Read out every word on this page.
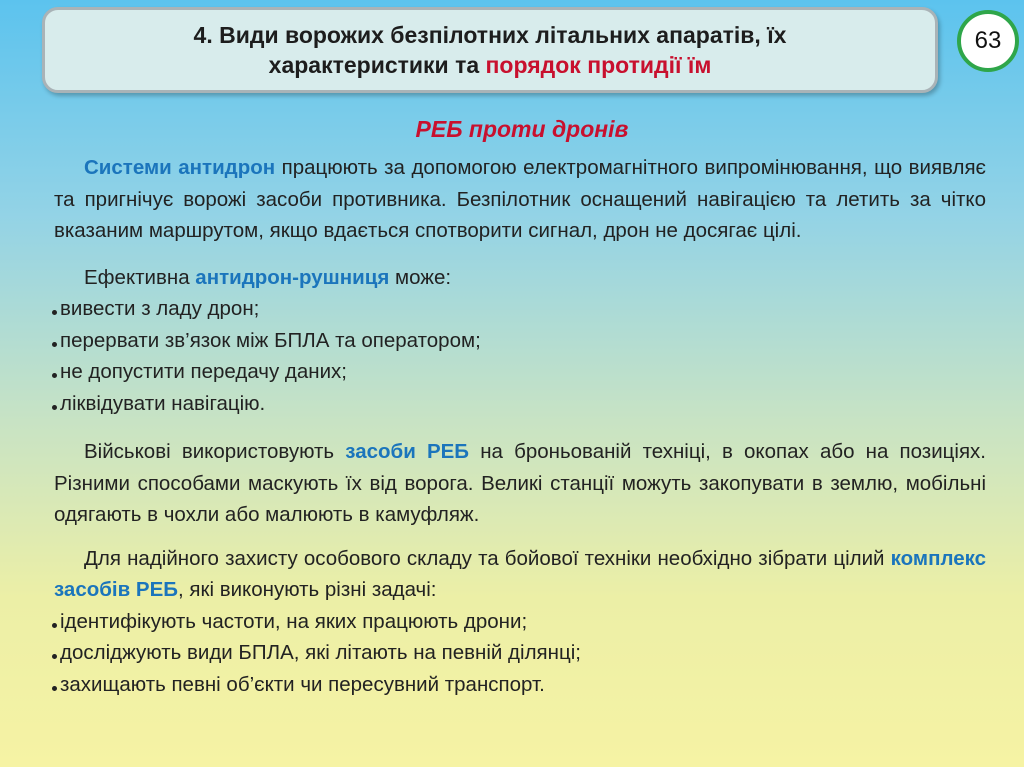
4. Види ворожих безпілотних літальних апаратів, їх
характеристики та порядок протидії їм
63
РЕБ проти дронів

Системи антидрон працюють за допомогою електромагнітного випромінювання, що виявляє та пригнічує ворожі засоби противника. Безпілотник оснащений навігацією та летить за чітко вказаним маршрутом, якщо вдається спотворити сигнал, дрон не досягає цілі.

Ефективна антидрон-рушниця може:

вивести з ладу дрон;
перервати зв’язок між БПЛА та оператором;
не допустити передачу даних;
ліквідувати навігацію.

Військові використовують засоби РЕБ на броньованій техніці, в окопах або на позиціях. Різними способами маскують їх від ворога. Великі станції можуть закопувати в землю, мобільні одягають в чохли або малюють в камуфляж.

Для надійного захисту особового складу та бойової техніки необхідно зібрати цілий комплекс засобів РЕБ, які виконують різні задачі:

ідентифікують частоти, на яких працюють дрони;
досліджують види БПЛА, які літають на певній ділянці;
захищають певні об’єкти чи пересувний транспорт.
